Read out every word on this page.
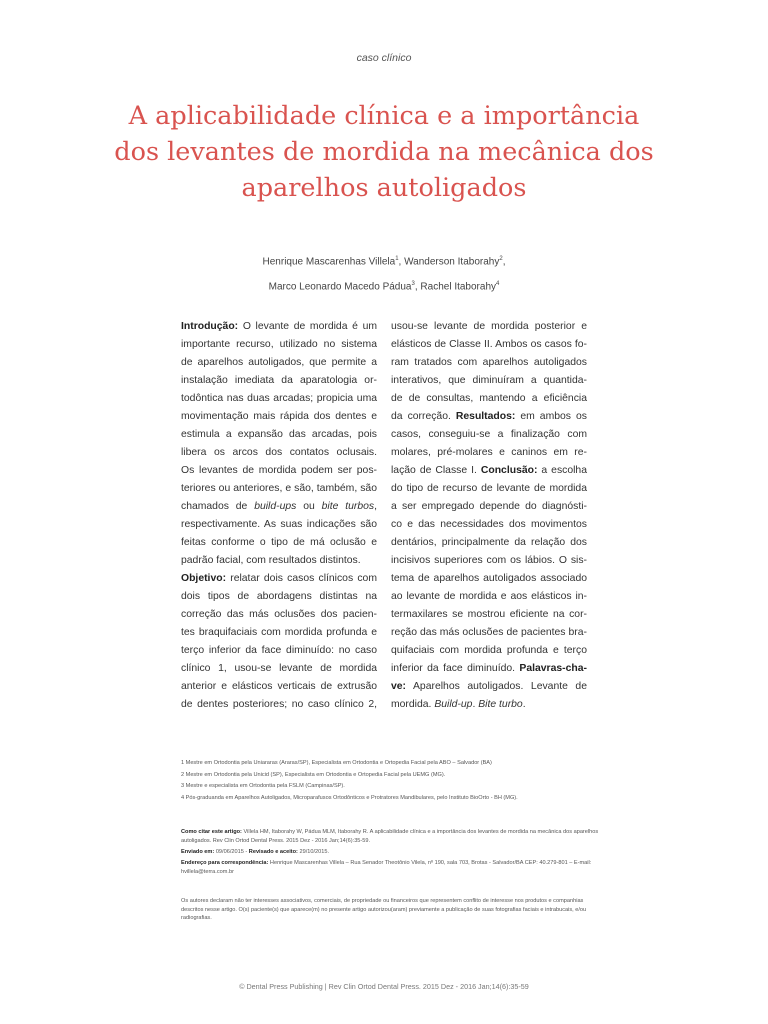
caso clínico
A aplicabilidade clínica e a importância
dos levantes de mordida na mecânica dos
aparelhos autoligados
Henrique Mascarenhas Villela$^1$, Wanderson Itaborahy$^2$,
Marco Leonardo Macedo Pádua$^3$, Rachel Itaborahy$^4$
Introdução: O levante de mordida é um
importante recurso, utilizado no sistema
de aparelhos autoligados, que permite a
instalação imediata da aparatologia or-
todôntica nas duas arcadas; propicia uma
movimentação mais rápida dos dentes e
estimula a expansão das arcadas, pois
libera os arcos dos contatos oclusais.
Os levantes de mordida podem ser pos-
teriores ou anteriores, e são, também, são
chamados de build-ups ou bite turbos,
respectivamente. As suas indicações são
feitas conforme o tipo de má oclusão e
padrão facial, com resultados distintos.
Objetivo: relatar dois casos clínicos com
dois tipos de abordagens distintas na
correção das más oclusões dos pacien-
tes braquifaciais com mordida profunda e
terço inferior da face diminuído: no caso
clínico 1, usou-se levante de mordida
anterior e elásticos verticais de extrusão
de dentes posteriores; no caso clínico 2,
usou-se levante de mordida posterior e
elásticos de Classe II. Ambos os casos fo-
ram tratados com aparelhos autoligados
interativos, que diminuíram a quantida-
de de consultas, mantendo a eficiência
da correção. Resultados: em ambos os
casos, conseguiu-se a finalização com
molares, pré-molares e caninos em re-
lação de Classe I. Conclusão: a escolha
do tipo de recurso de levante de mordida
a ser empregado depende do diagnósti-
co e das necessidades dos movimentos
dentários, principalmente da relação dos
incisivos superiores com os lábios. O sis-
tema de aparelhos autoligados associado
ao levante de mordida e aos elásticos in-
termaxilares se mostrou eficiente na cor-
reção das más oclusões de pacientes bra-
quifaciais com mordida profunda e terço
inferior da face diminuído. Palavras-cha-
ve: Aparelhos autoligados. Levante de
mordida. Build-up. Bite turbo.
1 Mestre em Ortodontia pela Uniararas (Araras/SP), Especialista em Ortodontia e Ortopedia Facial pela ABO – Salvador (BA)
2 Mestre em Ortodontia pela Unicid (SP), Especialista em Ortodontia e Ortopedia Facial pela UEMG (MG).
3 Mestre e especialista em Ortodontia pela FSLM (Campinas/SP).
4 Pós-graduanda em Aparelhos Autoligados, Microparafusos Ortodônticos e Protratores Mandibulares, pelo Instituto BioOrto - BH (MG).

Como citar este artigo: Villela HM, Itaborahy W, Pádua MLM, Itaborahy R. A aplicabilidade clínica e a importância dos levantes de mordida na mecânica dos aparelhos autoligados. Rev Clin Ortod Dental Press. 2015 Dez - 2016 Jan;14(6):35-59.

Enviado em: 09/06/2015 - Revisado e aceito: 29/10/2015.

Endereço para correspondência: Henrique Mascarenhas Villela – Rua Senador Theotônio Vilela, nº 190, sala 703, Brotas - Salvador/BA CEP: 40.279-801 – E-mail: hvillela@terra.com.br

Os autores declaram não ter interesses associativos, comerciais, de propriedade ou financeiros que representem conflito de interesse nos produtos e companhias descritos nesse artigo. O(s) paciente(s) que aparece(m) no presente artigo autorizou(aram) previamente a publicação de suas fotografias faciais e intrabucais, e/ou radiografias.
© Dental Press Publishing | Rev Clin Ortod Dental Press. 2015 Dez - 2016 Jan;14(6):35-59
